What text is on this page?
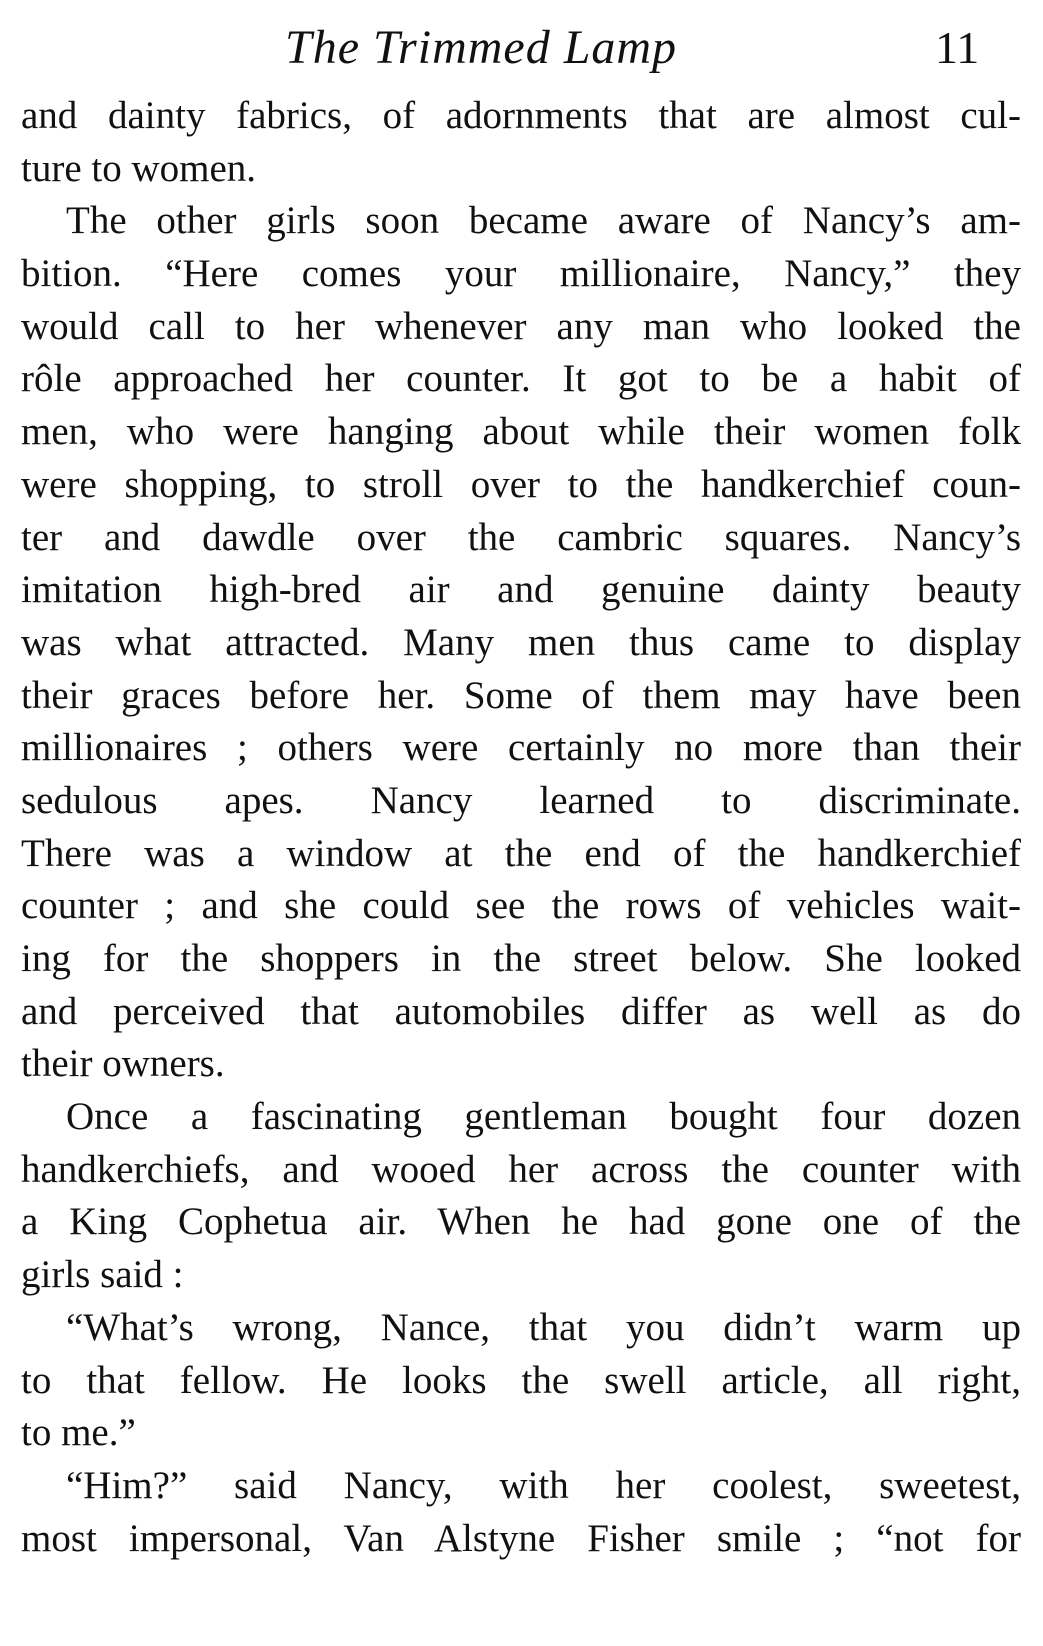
The Trimmed Lamp	11
and dainty fabrics, of adornments that are almost cul-
ture to women.
The other girls soon became aware of Nancy’s am-
bition. “Here comes your millionaire, Nancy,” they
would call to her whenever any man who looked the
rôle approached her counter. It got to be a habit of
men, who were hanging about while their women folk
were shopping, to stroll over to the handkerchief coun-
ter and dawdle over the cambric squares. Nancy’s
imitation high-bred air and genuine dainty beauty
was what attracted. Many men thus came to display
their graces before her. Some of them may have been
millionaires ; others were certainly no more than their
sedulous apes. Nancy learned to discriminate.
There was a window at the end of the handkerchief
counter ; and she could see the rows of vehicles wait-
ing for the shoppers in the street below. She looked
and perceived that automobiles differ as well as do
their owners.
Once a fascinating gentleman bought four dozen
handkerchiefs, and wooed her across the counter with
a King Cophetua air. When he had gone one of the
girls said :
“What’s wrong, Nance, that you didn’t warm up
to that fellow. He looks the swell article, all right,
to me.”
“Him?” said Nancy, with her coolest, sweetest,
most impersonal, Van Alstyne Fisher smile ; “not for
